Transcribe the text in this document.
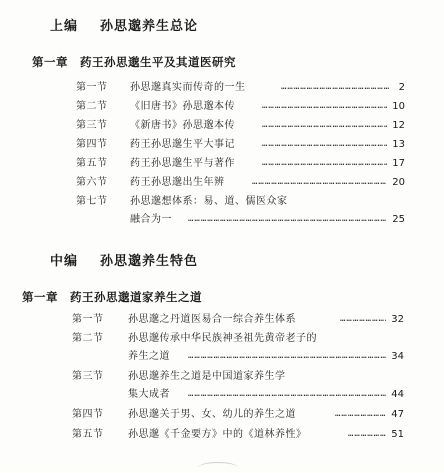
上编 孙思邈养生总论
第一章 药王孙思邈生平及其道医研究
第一节 孙思邈真实而传奇的一生 ……………………………………………………………………………………………………	2
第二节 《旧唐书》孙思邈本传 ……………………………………………………………………………………………………	10
第三节 《新唐书》孙思邈本传 ……………………………………………………………………………………………………	12
第四节 药王孙思邈生平大事记 ……………………………………………………………………………………………………	13
第五节 药王孙思邈生平与著作 ……………………………………………………………………………………………………	17
第六节 药王孙思邈出生年辨 ……………………………………………………………………………………………………	20
第七节 孙思邈想体系：易、道、儒医众家
融合为一 ……………………………………………………………………………………………………	25
中编 孙思邈养生特色
第一章 药王孙思邈道家养生之道
第一节 孙思邈之丹道医易合一综合养生体系 ……………………………………………………………………………………………………	32
第二节 孙思邈传承中华民族神圣祖先黄帝老子的
养生之道 ……………………………………………………………………………………………………	34
第三节 孙思邈养生之道是中国道家养生学
集大成者 ……………………………………………………………………………………………………	44
第四节 孙思邈关于男、女、幼儿的养生之道 ……………………………………………………………………………………………………	47
第五节 孙思邈《千金要方》中的《道林养性》 ……………………………………………………………………………………………………	51
